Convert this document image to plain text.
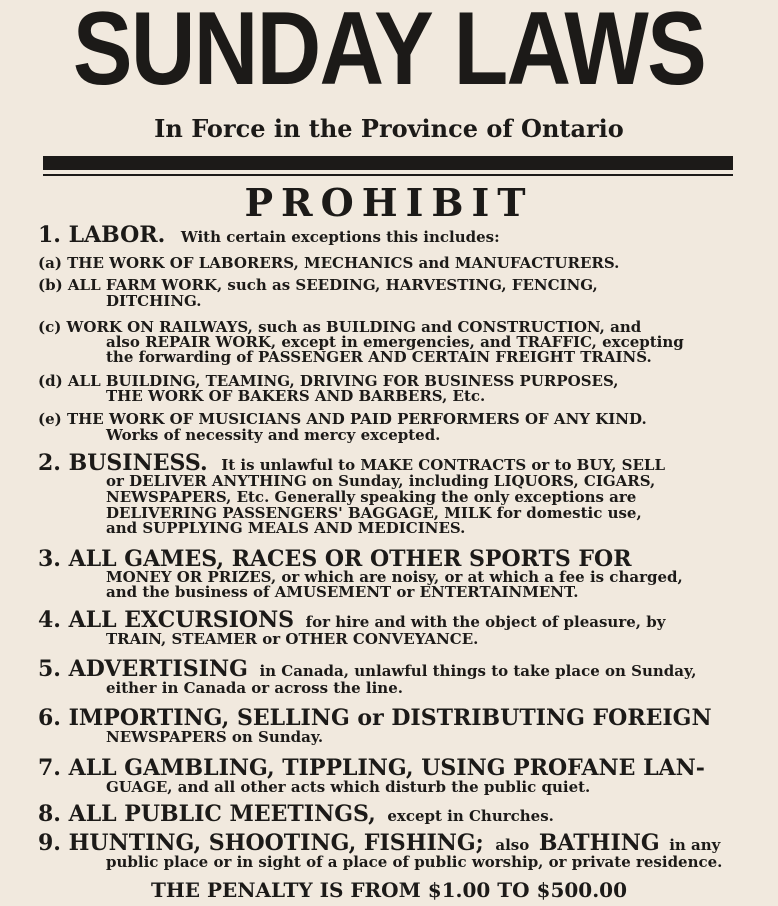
SUNDAY LAWS
In Force in the Province of Ontario
PROHIBIT
1. LABOR. With certain exceptions this includes:
(a) THE WORK OF LABORERS, MECHANICS and MANUFACTURERS.
(b) ALL FARM WORK, such as SEEDING, HARVESTING, FENCING,
DITCHING.
(c) WORK ON RAILWAYS, such as BUILDING and CONSTRUCTION, and
also REPAIR WORK, except in emergencies, and TRAFFIC, excepting
the forwarding of PASSENGER AND CERTAIN FREIGHT TRAINS.
(d) ALL BUILDING, TEAMING, DRIVING FOR BUSINESS PURPOSES,
THE WORK OF BAKERS AND BARBERS, Etc.
(e) THE WORK OF MUSICIANS AND PAID PERFORMERS OF ANY KIND.
Works of necessity and mercy excepted.
2. BUSINESS. It is unlawful to MAKE CONTRACTS or to BUY, SELL
or DELIVER ANYTHING on Sunday, including LIQUORS, CIGARS,
NEWSPAPERS, Etc. Generally speaking the only exceptions are
DELIVERING PASSENGERS' BAGGAGE, MILK for domestic use,
and SUPPLYING MEALS AND MEDICINES.
3. ALL GAMES, RACES OR OTHER SPORTS FOR
MONEY OR PRIZES, or which are noisy, or at which a fee is charged,
and the business of AMUSEMENT or ENTERTAINMENT.
4. ALL EXCURSIONS for hire and with the object of pleasure, by
TRAIN, STEAMER or OTHER CONVEYANCE.
5. ADVERTISING in Canada, unlawful things to take place on Sunday,
either in Canada or across the line.
6. IMPORTING, SELLING or DISTRIBUTING FOREIGN
NEWSPAPERS on Sunday.
7. ALL GAMBLING, TIPPLING, USING PROFANE LAN-
GUAGE, and all other acts which disturb the public quiet.
8. ALL PUBLIC MEETINGS, except in Churches.
9. HUNTING, SHOOTING, FISHING; also BATHING in any
public place or in sight of a place of public worship, or private residence.
THE PENALTY IS FROM $1.00 TO $500.00
